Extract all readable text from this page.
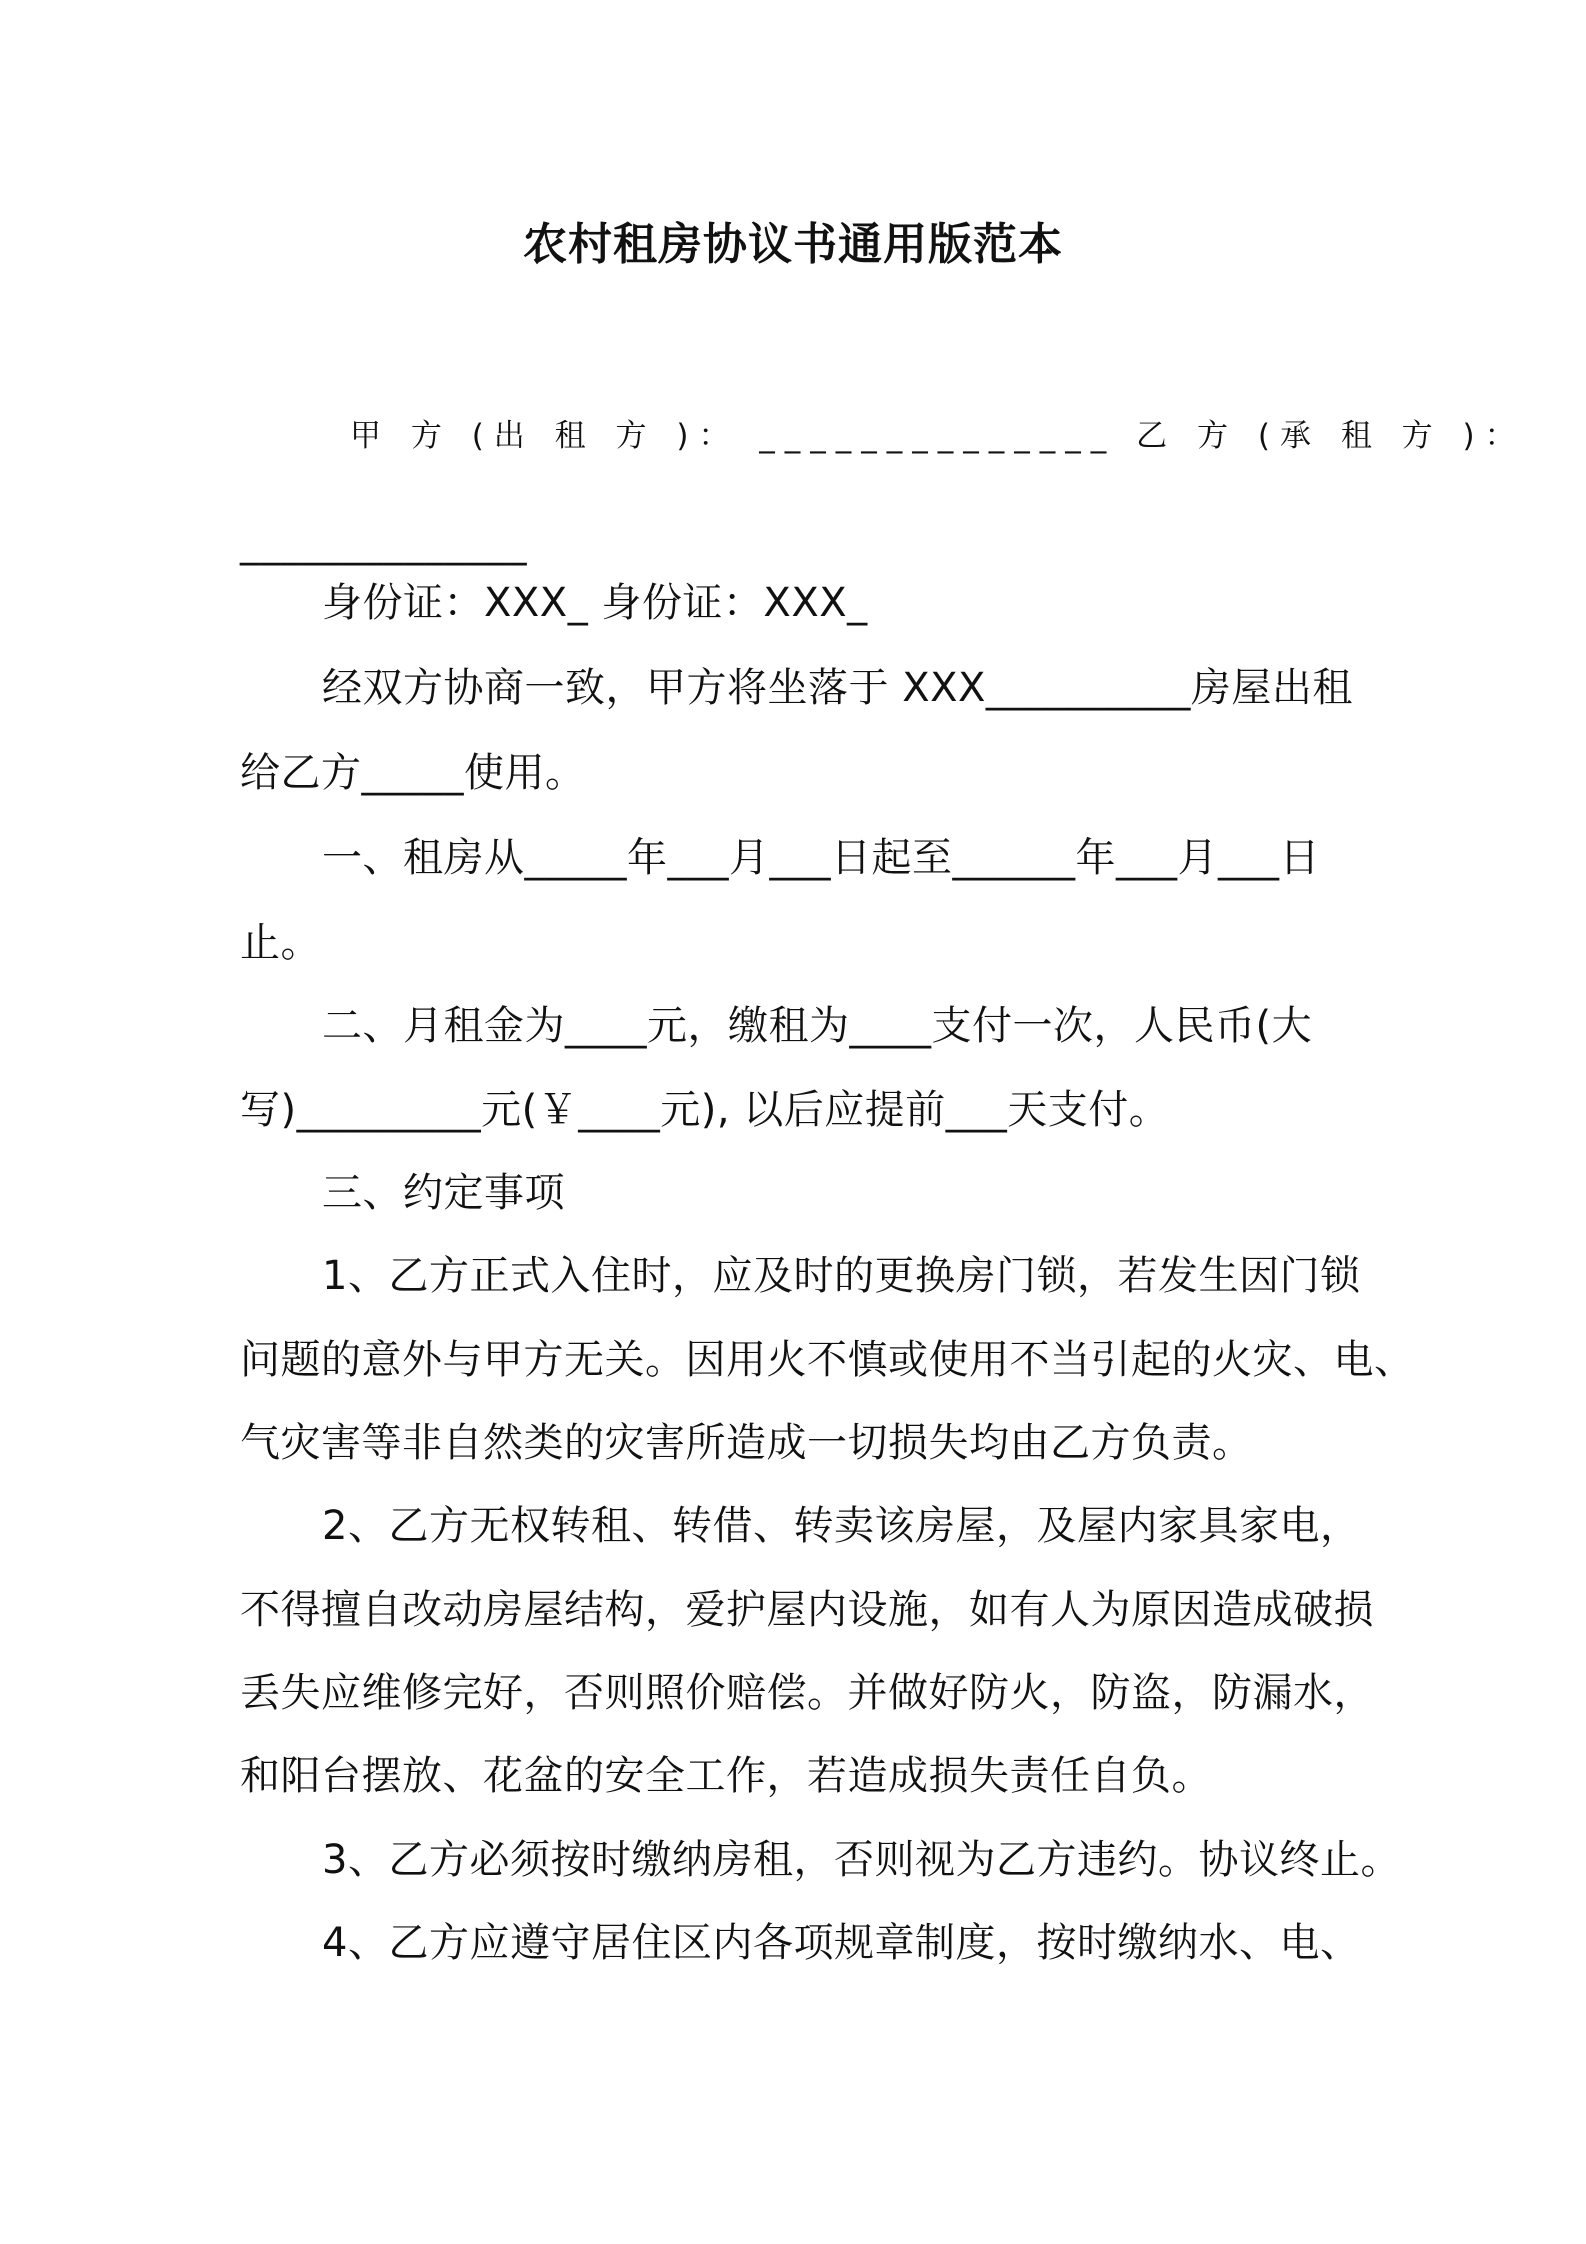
农村租房协议书通用版范本
甲 方 (出 租 方 )： ______________ 乙 方 (承 租 方 )：
______________
身份证：XXX_ 身份证：XXX_
经双方协商一致，甲方将坐落于 XXX__________房屋出租
给乙方_____使用。
一、租房从_____年___月___日起至______年___月___日
止。
二、月租金为____元，缴租为____支付一次，人民币(大
写)_________元(￥____元), 以后应提前___天支付。
三、约定事项
1、乙方正式入住时，应及时的更换房门锁，若发生因门锁
问题的意外与甲方无关。因用火不慎或使用不当引起的火灾、电、
气灾害等非自然类的灾害所造成一切损失均由乙方负责。
2、乙方无权转租、转借、转卖该房屋，及屋内家具家电，
不得擅自改动房屋结构，爱护屋内设施，如有人为原因造成破损
丢失应维修完好，否则照价赔偿。并做好防火，防盗，防漏水，
和阳台摆放、花盆的安全工作，若造成损失责任自负。
3、乙方必须按时缴纳房租，否则视为乙方违约。协议终止。
4、乙方应遵守居住区内各项规章制度，按时缴纳水、电、
